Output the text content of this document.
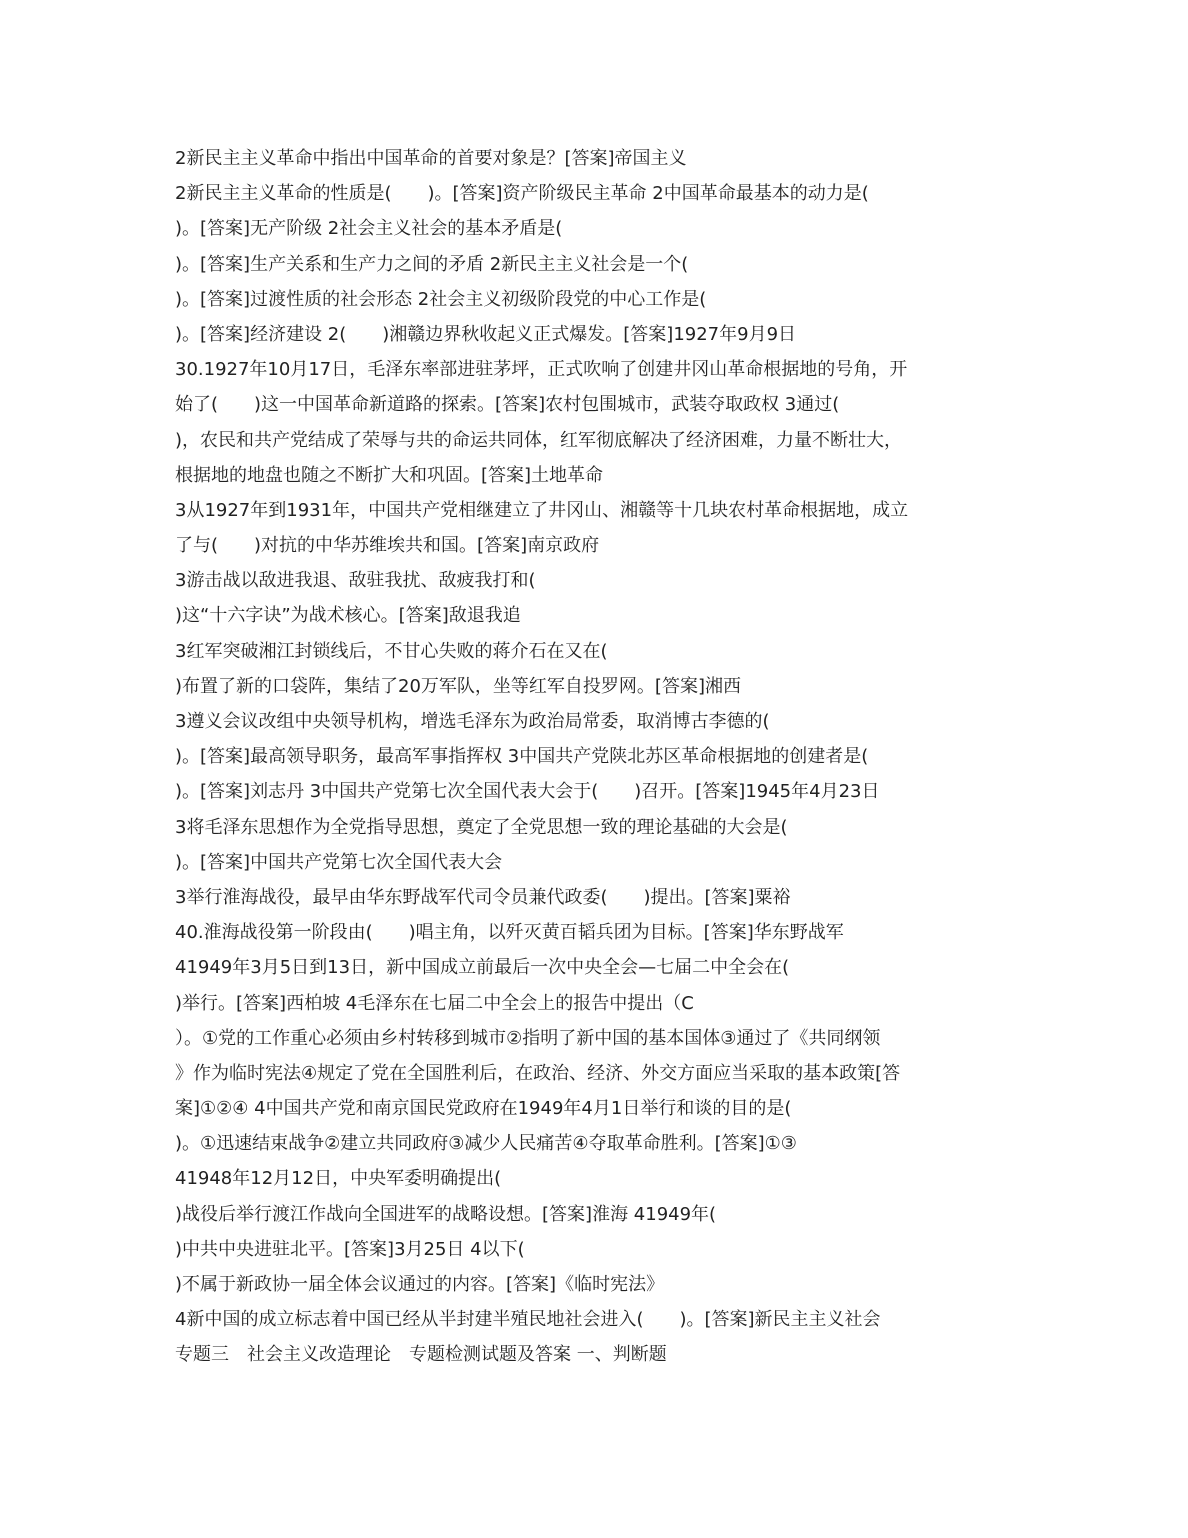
2新民主主义革命中指出中国革命的首要对象是？[答案]帝国主义
2新民主主义革命的性质是(　　)。[答案]资产阶级民主革命 2中国革命最基本的动力是(
)。[答案]无产阶级 2社会主义社会的基本矛盾是(
)。[答案]生产关系和生产力之间的矛盾 2新民主主义社会是一个(
)。[答案]过渡性质的社会形态 2社会主义初级阶段党的中心工作是(
)。[答案]经济建设 2(　　)湘赣边界秋收起义正式爆发。[答案]1927年9月9日
30.1927年10月17日，毛泽东率部进驻茅坪，正式吹响了创建井冈山革命根据地的号角，开
始了(　　)这一中国革命新道路的探索。[答案]农村包围城市，武装夺取政权 3通过(
)，农民和共产党结成了荣辱与共的命运共同体，红军彻底解决了经济困难，力量不断壮大，
根据地的地盘也随之不断扩大和巩固。[答案]土地革命
3从1927年到1931年，中国共产党相继建立了井冈山、湘赣等十几块农村革命根据地，成立
了与(　　)对抗的中华苏维埃共和国。[答案]南京政府
3游击战以敌进我退、敌驻我扰、敌疲我打和(
)这“十六字诀”为战术核心。[答案]敌退我追
3红军突破湘江封锁线后，不甘心失败的蒋介石在又在(
)布置了新的口袋阵，集结了20万军队，坐等红军自投罗网。[答案]湘西
3遵义会议改组中央领导机构，增选毛泽东为政治局常委，取消博古李德的(
)。[答案]最高领导职务，最高军事指挥权 3中国共产党陕北苏区革命根据地的创建者是(
)。[答案]刘志丹 3中国共产党第七次全国代表大会于(　　)召开。[答案]1945年4月23日
3将毛泽东思想作为全党指导思想，奠定了全党思想一致的理论基础的大会是(
)。[答案]中国共产党第七次全国代表大会
3举行淮海战役，最早由华东野战军代司令员兼代政委(　　)提出。[答案]粟裕
40.淮海战役第一阶段由(　　)唱主角，以歼灭黄百韬兵团为目标。[答案]华东野战军
41949年3月5日到13日，新中国成立前最后一次中央全会—七届二中全会在(
)举行。[答案]西柏坡 4毛泽东在七届二中全会上的报告中提出（C
）。①党的工作重心必须由乡村转移到城市②指明了新中国的基本国体③通过了《共同纲领
》作为临时宪法④规定了党在全国胜利后，在政治、经济、外交方面应当采取的基本政策[答
案]①②④ 4中国共产党和南京国民党政府在1949年4月1日举行和谈的目的是(
)。①迅速结束战争②建立共同政府③减少人民痛苦④夺取革命胜利。[答案]①③
41948年12月12日，中央军委明确提出(
)战役后举行渡江作战向全国进军的战略设想。[答案]淮海 41949年(
)中共中央进驻北平。[答案]3月25日 4以下(
)不属于新政协一届全体会议通过的内容。[答案]《临时宪法》
4新中国的成立标志着中国已经从半封建半殖民地社会进入(　　)。[答案]新民主主义社会
专题三　社会主义改造理论　专题检测试题及答案 一、判断题
